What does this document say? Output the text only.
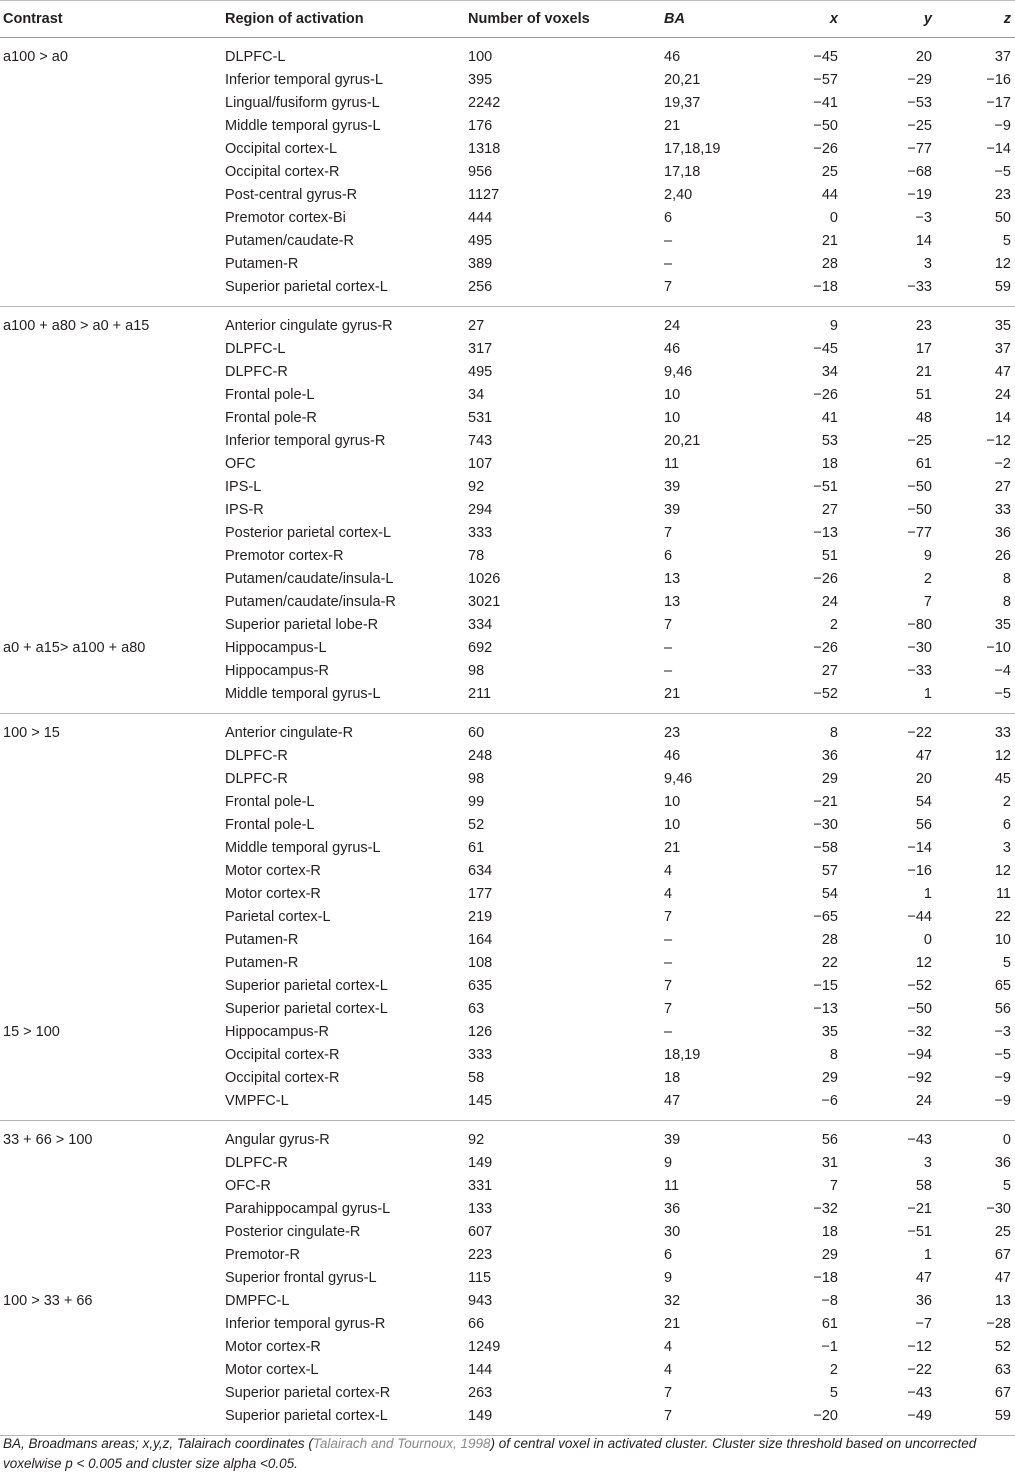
Contrast	Region of activation	Number of voxels	BA	x	y	z
a100 > a0	DLPFC-L	100	46	−45	20	37
	Inferior temporal gyrus-L	395	20,21	−57	−29	−16
	Lingual/fusiform gyrus-L	2242	19,37	−41	−53	−17
	Middle temporal gyrus-L	176	21	−50	−25	−9
	Occipital cortex-L	1318	17,18,19	−26	−77	−14
	Occipital cortex-R	956	17,18	25	−68	−5
	Post-central gyrus-R	1127	2,40	44	−19	23
	Premotor cortex-Bi	444	6	0	−3	50
	Putamen/caudate-R	495	–	21	14	5
	Putamen-R	389	–	28	3	12
	Superior parietal cortex-L	256	7	−18	−33	59
a100 + a80 > a0 + a15	Anterior cingulate gyrus-R	27	24	9	23	35
	DLPFC-L	317	46	−45	17	37
	DLPFC-R	495	9,46	34	21	47
	Frontal pole-L	34	10	−26	51	24
	Frontal pole-R	531	10	41	48	14
	Inferior temporal gyrus-R	743	20,21	53	−25	−12
	OFC	107	11	18	61	−2
	IPS-L	92	39	−51	−50	27
	IPS-R	294	39	27	−50	33
	Posterior parietal cortex-L	333	7	−13	−77	36
	Premotor cortex-R	78	6	51	9	26
	Putamen/caudate/insula-L	1026	13	−26	2	8
	Putamen/caudate/insula-R	3021	13	24	7	8
	Superior parietal lobe-R	334	7	2	−80	35
a0 + a15> a100 + a80	Hippocampus-L	692	–	−26	−30	−10
	Hippocampus-R	98	–	27	−33	−4
	Middle temporal gyrus-L	211	21	−52	1	−5
100 > 15	Anterior cingulate-R	60	23	8	−22	33
	DLPFC-R	248	46	36	47	12
	DLPFC-R	98	9,46	29	20	45
	Frontal pole-L	99	10	−21	54	2
	Frontal pole-L	52	10	−30	56	6
	Middle temporal gyrus-L	61	21	−58	−14	3
	Motor cortex-R	634	4	57	−16	12
	Motor cortex-R	177	4	54	1	11
	Parietal cortex-L	219	7	−65	−44	22
	Putamen-R	164	–	28	0	10
	Putamen-R	108	–	22	12	5
	Superior parietal cortex-L	635	7	−15	−52	65
	Superior parietal cortex-L	63	7	−13	−50	56
15 > 100	Hippocampus-R	126	–	35	−32	−3
	Occipital cortex-R	333	18,19	8	−94	−5
	Occipital cortex-R	58	18	29	−92	−9
	VMPFC-L	145	47	−6	24	−9
33 + 66 > 100	Angular gyrus-R	92	39	56	−43	0
	DLPFC-R	149	9	31	3	36
	OFC-R	331	11	7	58	5
	Parahippocampal gyrus-L	133	36	−32	−21	−30
	Posterior cingulate-R	607	30	18	−51	25
	Premotor-R	223	6	29	1	67
	Superior frontal gyrus-L	115	9	−18	47	47
100 > 33 + 66	DMPFC-L	943	32	−8	36	13
	Inferior temporal gyrus-R	66	21	61	−7	−28
	Motor cortex-R	1249	4	−1	−12	52
	Motor cortex-L	144	4	2	−22	63
	Superior parietal cortex-R	263	7	5	−43	67
	Superior parietal cortex-L	149	7	−20	−49	59
BA, Broadmans areas; x,y,z, Talairach coordinates (Talairach and Tournoux, 1998) of central voxel in activated cluster. Cluster size threshold based on uncorrected voxelwise p < 0.005 and cluster size alpha <0.05.
